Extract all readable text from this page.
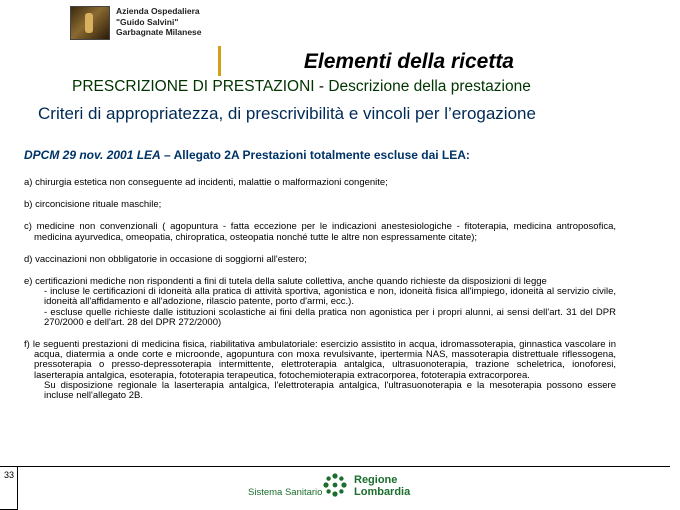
Azienda Ospedaliera
"Guido Salvini"
Garbagnate Milanese
Elementi della ricetta
PRESCRIZIONE DI PRESTAZIONI - Descrizione della prestazione
Criteri di appropriatezza, di prescrivibilità e vincoli per l’erogazione
DPCM 29 nov. 2001 LEA – Allegato 2A Prestazioni totalmente escluse dai LEA:
a) chirurgia estetica non conseguente ad incidenti, malattie o malformazioni congenite;
b) circoncisione rituale maschile;
c) medicine non convenzionali ( agopuntura - fatta eccezione per le indicazioni anestesiologiche - fitoterapia, medicina antroposofica, medicina ayurvedica, omeopatia, chiropratica, osteopatia nonché tutte le altre non espressamente citate);
d) vaccinazioni non obbligatorie in occasione di soggiorni all'estero;
e) certificazioni mediche non rispondenti a fini di tutela della salute collettiva, anche quando richieste da disposizioni di legge
- incluse le certificazioni di idoneità alla pratica di attività sportiva, agonistica e non, idoneità fisica all'impiego, idoneità al servizio civile, idoneità all'affidamento e all'adozione, rilascio patente, porto d'armi, ecc.).
- escluse quelle richieste dalle istituzioni scolastiche ai fini della pratica non agonistica per i propri alunni, ai sensi dell'art. 31 del DPR 270/2000 e dell'art. 28 del DPR 272/2000)
f) le seguenti prestazioni di medicina fisica, riabilitativa ambulatoriale: esercizio assistito in acqua, idromassoterapia, ginnastica vascolare in acqua, diatermia a onde corte e microonde, agopuntura con moxa revulsivante, ipertermia NAS, massoterapia distrettuale riflessogena, pressoterapia o presso-depressoterapia intermittente, elettroterapia antalgica, ultrasuonoterapia, trazione scheletrica, ionoforesi, laserterapia antalgica, esoterapia, fototerapia terapeutica, fotochemioterapia extracorporea, fototerapia extracorporea.
Su disposizione regionale la laserterapia antalgica, l'elettroterapia antalgica, l'ultrasuonoterapia e la mesoterapia possono essere incluse nell'allegato 2B.
33
Sistema Sanitario
Regione
Lombardia
